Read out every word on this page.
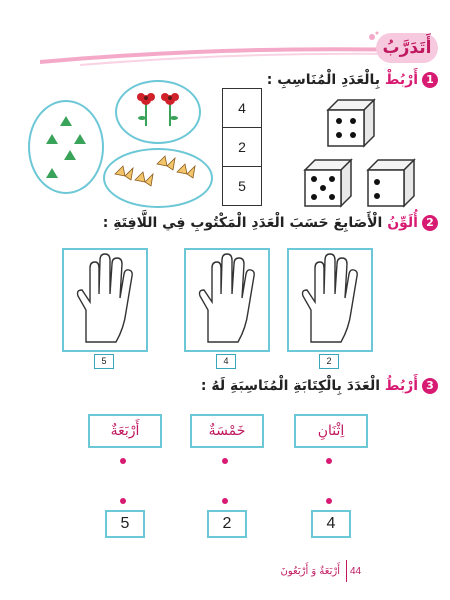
أَتَدَرَّبُ
1أَرْبُطْ بِالْعَدَدِ الْمُنَاسِبِ :
4
2
5
2أُلَوِّنُ الْأَصَابِعَ حَسَبَ الْعَدَدِ الْمَكْتُوبِ فِي اللَّافِتَةِ :
5	4	2
3أَرْبُطُ الْعَدَدَ بِالْكِتَابَةِ الْمُنَاسِبَةِ لَهُ :
أَرْبَعَةٌ	خَمْسَةٌ	اِثْنَانِ
5	2	4
أَرْبَعَةٌ وَ أَرْبَعُونَ 44
